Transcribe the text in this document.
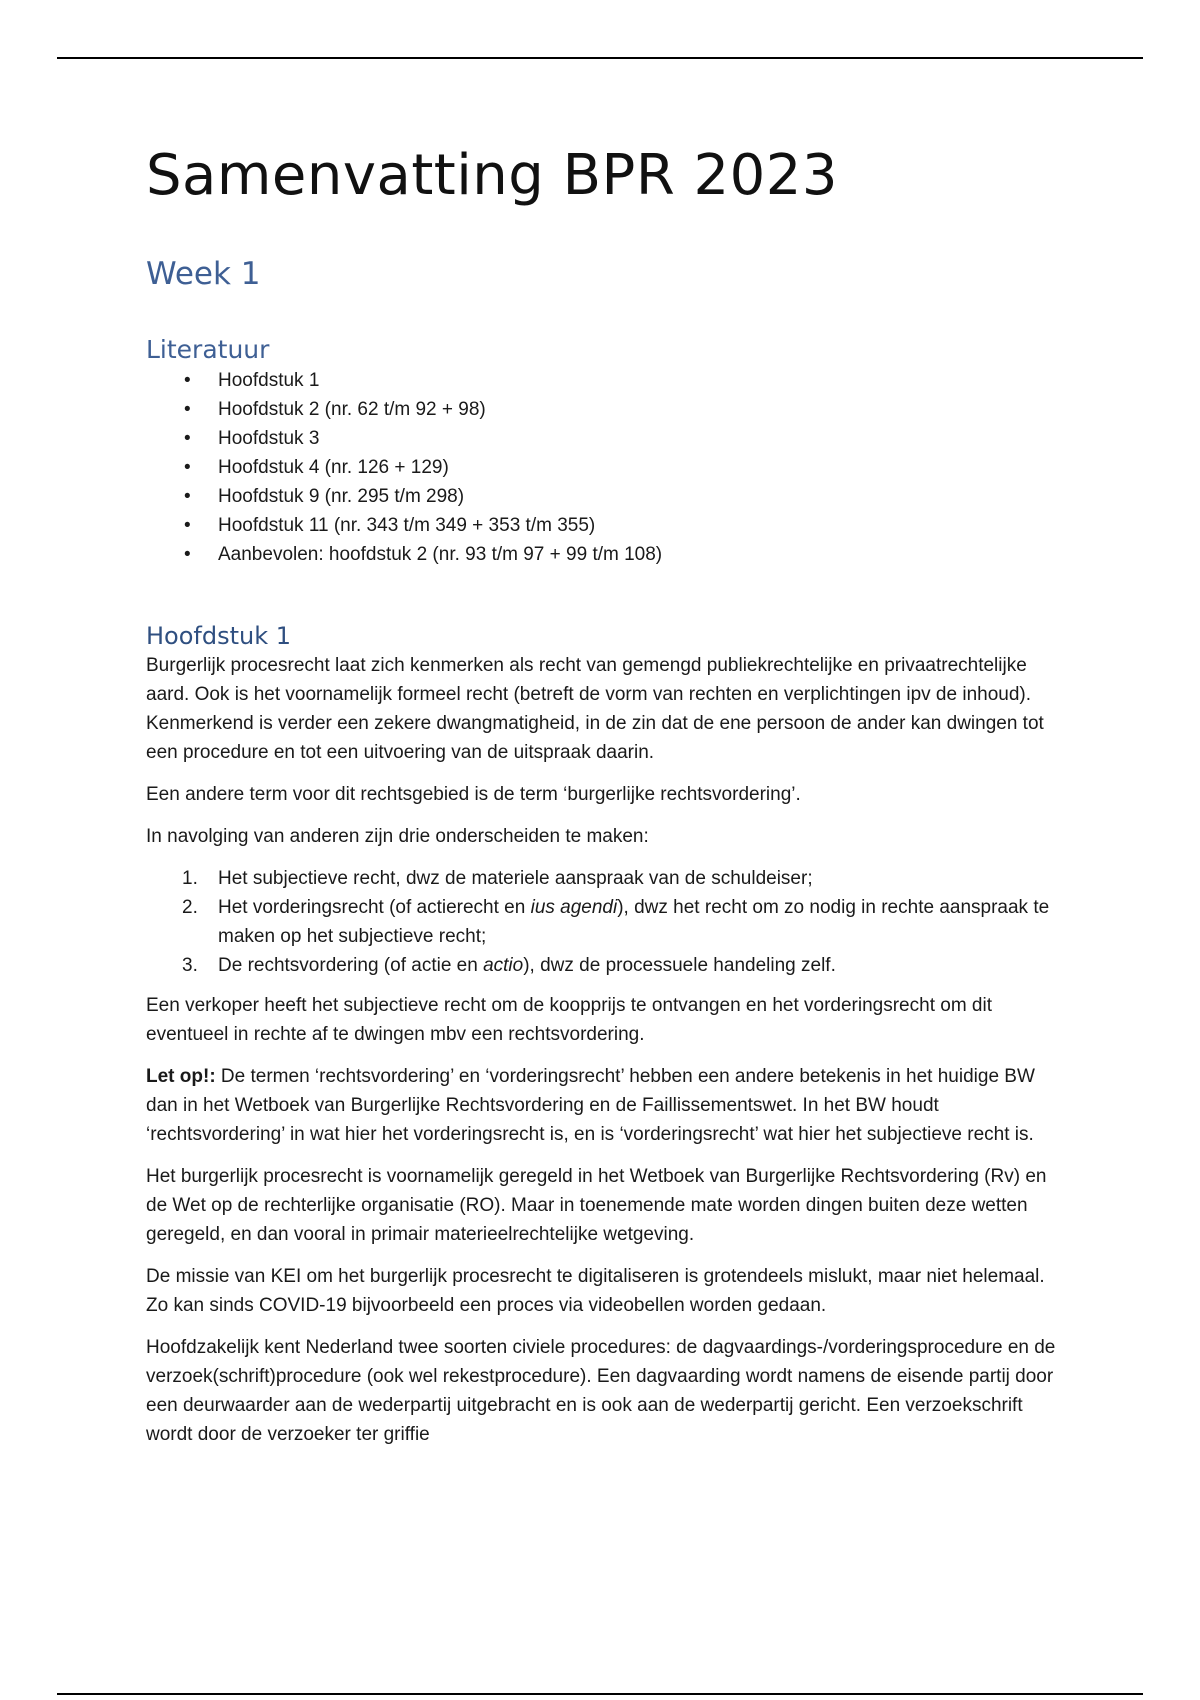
Samenvatting BPR 2023
Week 1
Literatuur
• Hoofdstuk 1
• Hoofdstuk 2 (nr. 62 t/m 92 + 98)
• Hoofdstuk 3
• Hoofdstuk 4 (nr. 126 + 129)
• Hoofdstuk 9 (nr. 295 t/m 298)
• Hoofdstuk 11 (nr. 343 t/m 349 + 353 t/m 355)
• Aanbevolen: hoofdstuk 2 (nr. 93 t/m 97 + 99 t/m 108)
Hoofdstuk 1

Burgerlijk procesrecht laat zich kenmerken als recht van gemengd publiekrechtelijke en privaatrechtelijke aard. Ook is het voornamelijk formeel recht (betreft de vorm van rechten en verplichtingen ipv de inhoud). Kenmerkend is verder een zekere dwangmatigheid, in de zin dat de ene persoon de ander kan dwingen tot een procedure en tot een uitvoering van de uitspraak daarin.

Een andere term voor dit rechtsgebied is de term ‘burgerlijke rechtsvordering’.

In navolging van anderen zijn drie onderscheiden te maken:

1. Het subjectieve recht, dwz de materiele aanspraak van de schuldeiser;
2. Het vorderingsrecht (of actierecht en ius agendi), dwz het recht om zo nodig in rechte aanspraak te maken op het subjectieve recht;
3. De rechtsvordering (of actie en actio), dwz de processuele handeling zelf.

Een verkoper heeft het subjectieve recht om de koopprijs te ontvangen en het vorderingsrecht om dit eventueel in rechte af te dwingen mbv een rechtsvordering.

Let op!: De termen ‘rechtsvordering’ en ‘vorderingsrecht’ hebben een andere betekenis in het huidige BW dan in het Wetboek van Burgerlijke Rechtsvordering en de Faillissementswet. In het BW houdt ‘rechtsvordering’ in wat hier het vorderingsrecht is, en is ‘vorderingsrecht’ wat hier het subjectieve recht is.

Het burgerlijk procesrecht is voornamelijk geregeld in het Wetboek van Burgerlijke Rechtsvordering (Rv) en de Wet op de rechterlijke organisatie (RO). Maar in toenemende mate worden dingen buiten deze wetten geregeld, en dan vooral in primair materieelrechtelijke wetgeving.

De missie van KEI om het burgerlijk procesrecht te digitaliseren is grotendeels mislukt, maar niet helemaal. Zo kan sinds COVID-19 bijvoorbeeld een proces via videobellen worden gedaan.

Hoofdzakelijk kent Nederland twee soorten civiele procedures: de dagvaardings-/vorderingsprocedure en de verzoek(schrift)procedure (ook wel rekestprocedure). Een dagvaarding wordt namens de eisende partij door een deurwaarder aan de wederpartij uitgebracht en is ook aan de wederpartij gericht. Een verzoekschrift wordt door de verzoeker ter griffie
